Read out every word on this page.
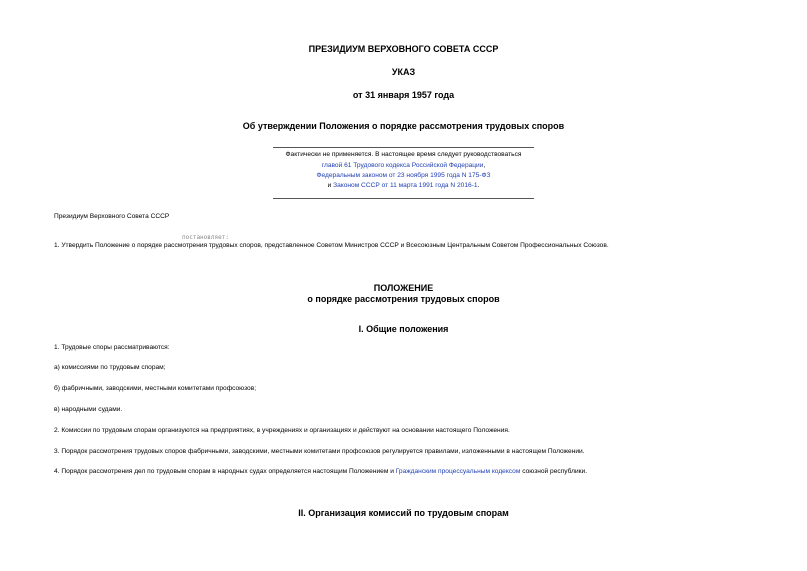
ПРЕЗИДИУМ ВЕРХОВНОГО СОВЕТА СССР
УКАЗ
от 31 января 1957 года
Об утверждении Положения о порядке рассмотрения трудовых споров
Фактически не применяется. В настоящее время следует руководствоваться
главой 61 Трудового кодекса Российской Федерации,
Федеральным законом от 23 ноября 1995 года N 175-ФЗ
и Законом СССР от 11 марта 1991 года N 2016-1.
Президиум Верховного Совета СССР
постановляет:
1. Утвердить Положение о порядке рассмотрения трудовых споров, представленное Советом Министров СССР и Всесоюзным Центральным Советом Профессиональных Союзов.
ПОЛОЖЕНИЕ
о порядке рассмотрения трудовых споров
I. Общие положения
1. Трудовые споры рассматриваются:
а) комиссиями по трудовым спорам;
б) фабричными, заводскими, местными комитетами профсоюзов;
в) народными судами.
2. Комиссии по трудовым спорам организуются на предприятиях, в учреждениях и организациях и действуют на основании настоящего Положения.
3. Порядок рассмотрения трудовых споров фабричными, заводскими, местными комитетами профсоюзов регулируется правилами, изложенными в настоящем Положении.
4. Порядок рассмотрения дел по трудовым спорам в народных судах определяется настоящим Положением и Гражданским процессуальным кодексом союзной республики.
II. Организация комиссий по трудовым спорам
